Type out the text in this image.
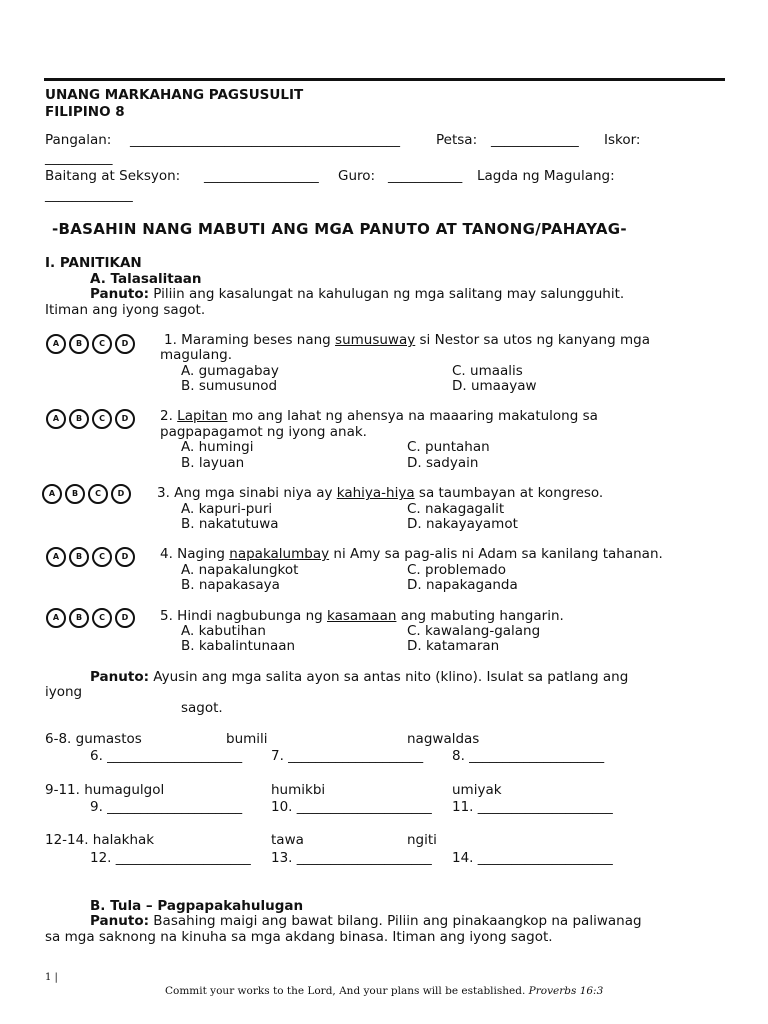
UNANG MARKAHANG PAGSUSULIT
FILIPINO 8
Pangalan: ________________________________________	Petsa: _____________ Iskor:
__________
Baitang at Seksyon: _________________ Guro: ___________ Lagda ng Magulang:
_____________
-BASAHIN NANG MABUTI ANG MGA PANUTO AT TANONG/PAHAYAG-
I. PANITIKAN
A. Talasalitaan
Panuto: Piliin ang kasalungat na kahulugan ng mga salitang may salungguhit.
Itiman ang iyong sagot.
A	B	C	D	1. Maraming beses nang sumusuway si Nestor sa utos ng kanyang mga
magulang.
A. gumagabay
B. sumusunod
C. umaalis
D. umaayaw
A	B	C	D	2. Lapitan mo ang lahat ng ahensya na maaaring makatulong sa
pagpapagamot ng iyong anak.
A. humingi
B. layuan
C. puntahan
D. sadyain
A	B	C	D	3. Ang mga sinabi niya ay kahiya-hiya sa taumbayan at kongreso.
A. kapuri-puri
B. nakatutuwa
C. nakagagalit
D. nakayayamot
A	B	C	D	4. Naging napakalumbay ni Amy sa pag-alis ni Adam sa kanilang tahanan.
A. napakalungkot
B. napakasaya
C. problemado
D. napakaganda
A	B	C	D	5. Hindi nagbubunga ng kasamaan ang mabuting hangarin.
A. kabutihan
B. kabalintunaan
C. kawalang-galang
D. katamaran
Panuto: Ayusin ang mga salita ayon sa antas nito (klino). Isulat sa patlang ang
iyong
sagot.
6-8. gumastos	bumili	nagwaldas
6. ____________________ 7. ____________________ 8. ____________________
9-11. humagulgol	humikbi	umiyak
9. ____________________ 10. ____________________ 11. ____________________
12-14. halakhak	tawa	ngiti
12. ____________________ 13. ____________________ 14. ____________________
B. Tula – Pagpapakahulugan
Panuto: Basahing maigi ang bawat bilang. Piliin ang pinakaangkop na paliwanag
sa mga saknong na kinuha sa mga akdang binasa. Itiman ang iyong sagot.
1 |
Commit your works to the Lord, And your plans will be established. Proverbs 16:3
